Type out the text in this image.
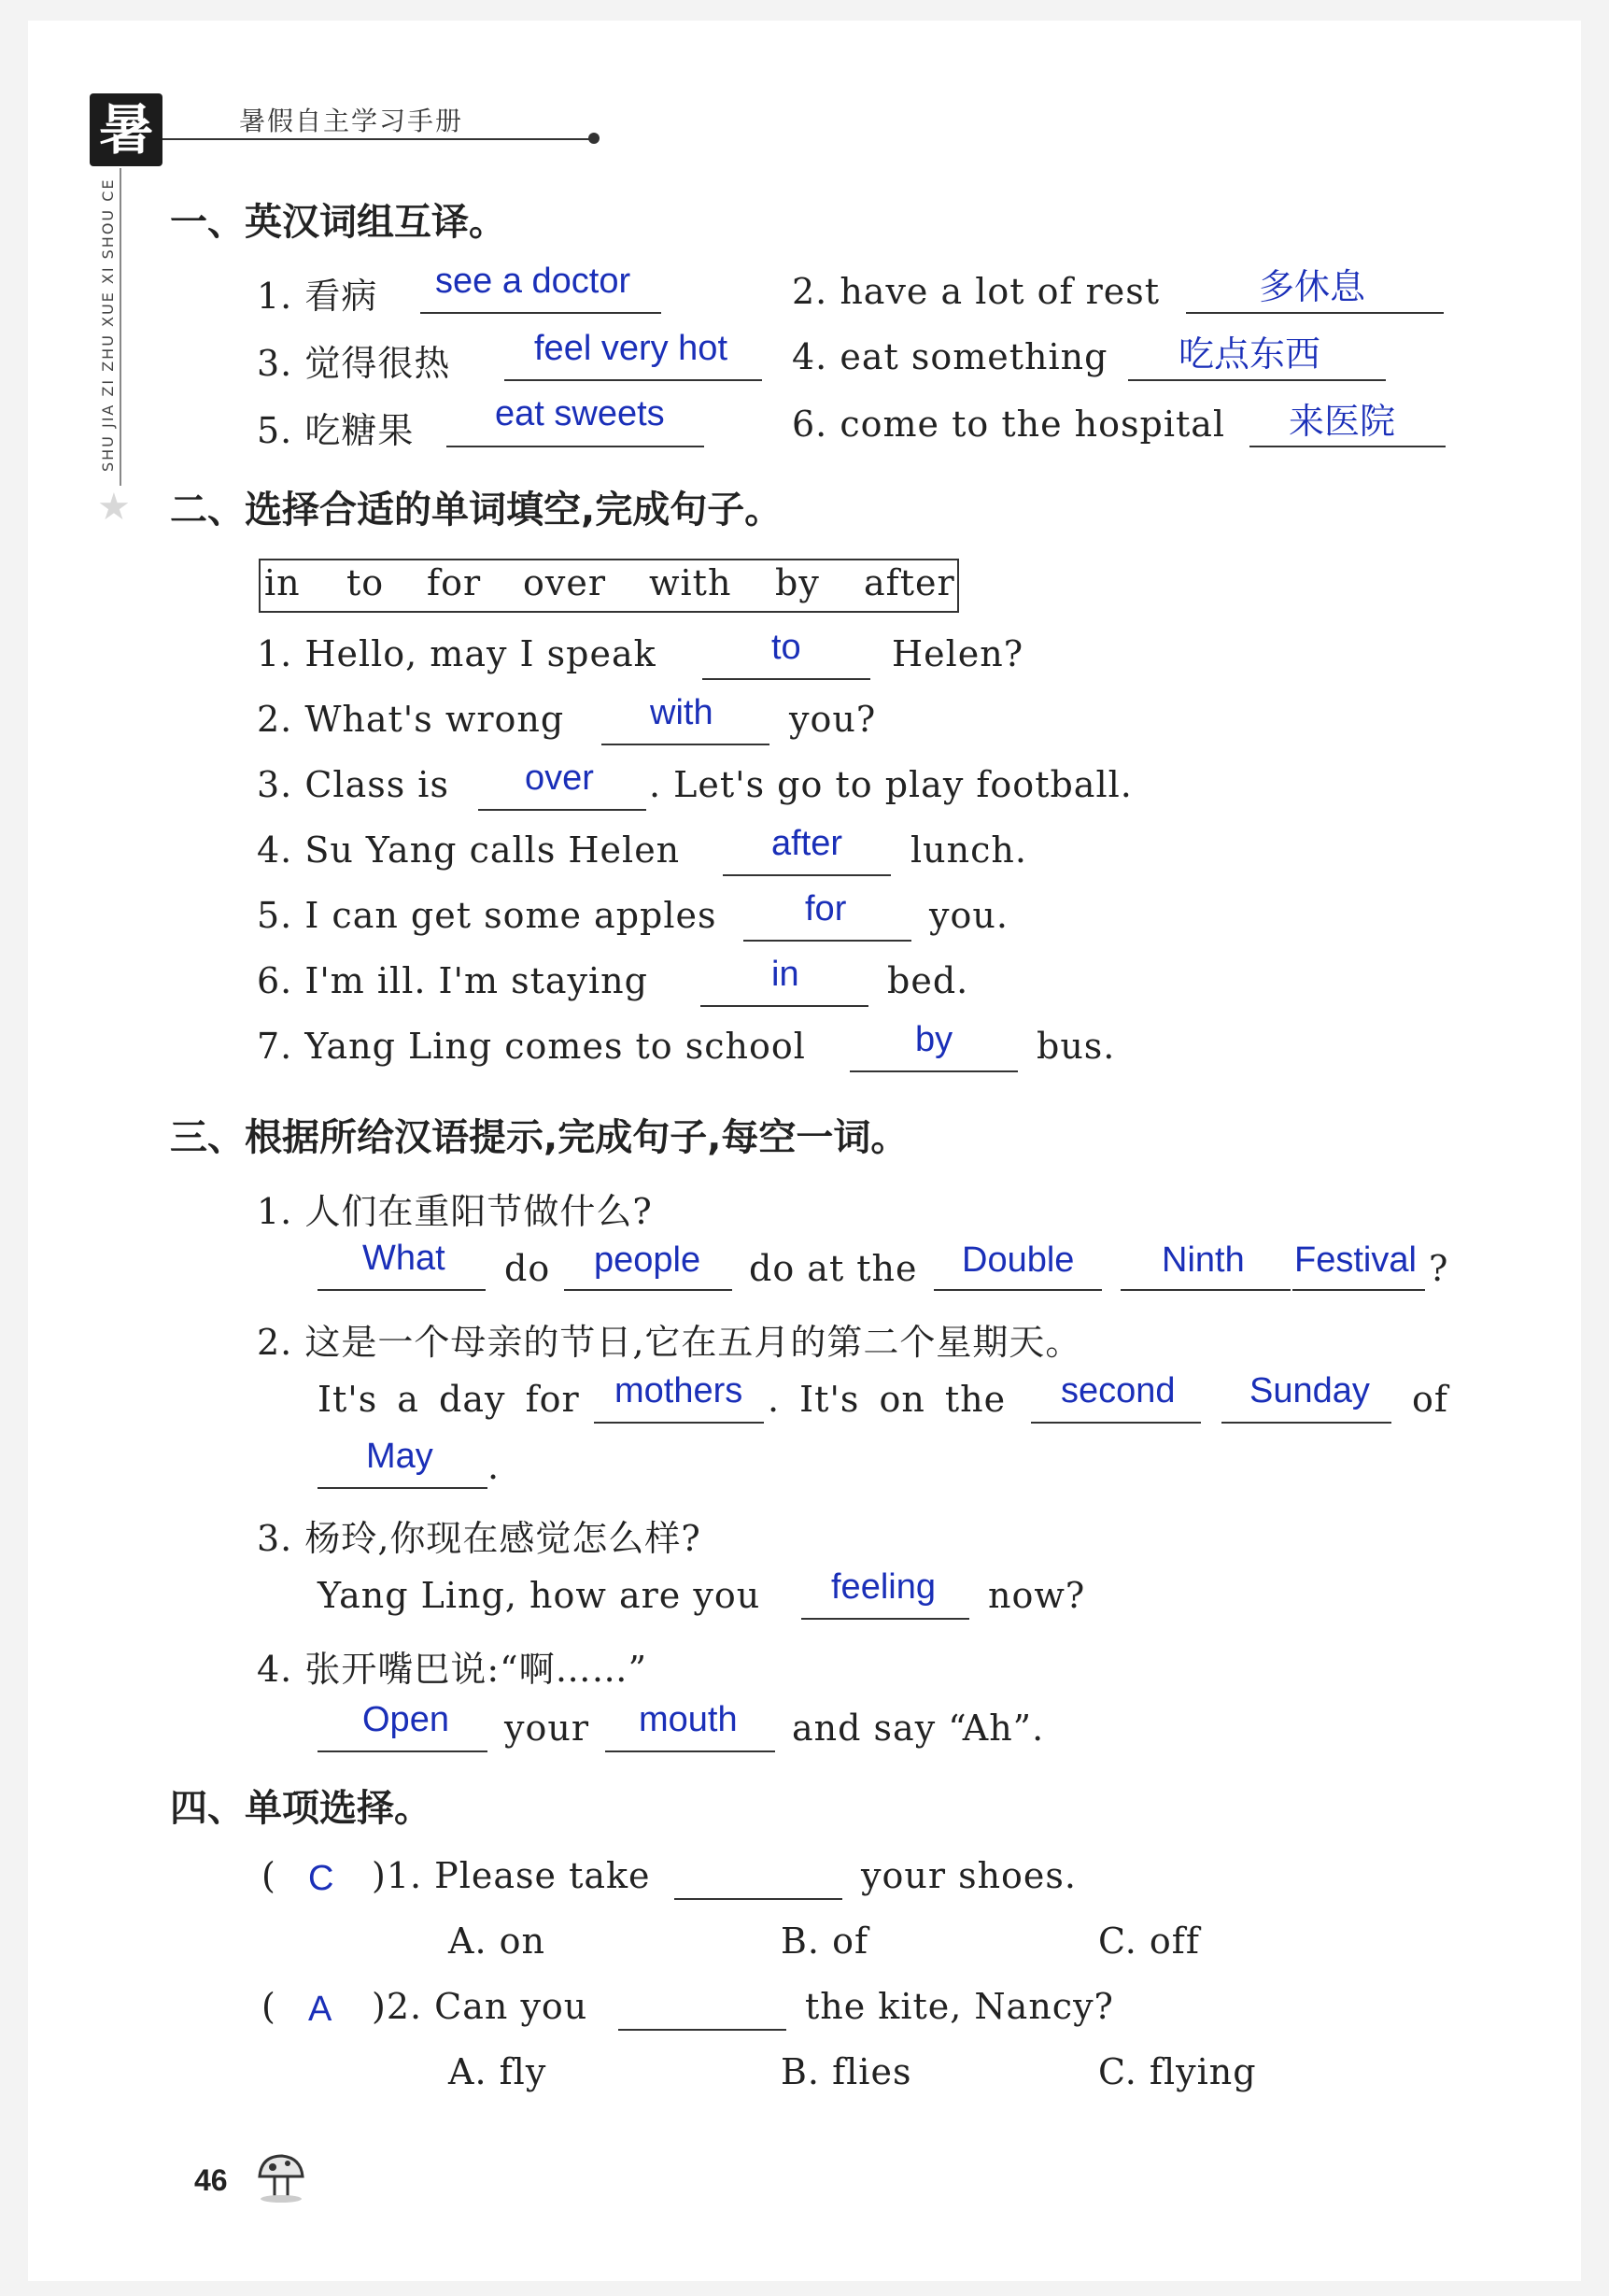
暑	暑假自主学习手册
SHU JIA ZI ZHU XUE XI SHOU CE
★
一、英汉词组互译。
1. 看病 see a doctor	2. have a lot of rest	多休息
3. 觉得很热 feel very hot 4. eat something 吃点东西
5. 吃糖果 eat sweets	6. come to the hospital 来医院
二、选择合适的单词填空,完成句子。
in to for over with by after
1. Hello, may I speak	to	Helen?
2. What's wrong with you?
3. Class is over . Let's go to play football.
4. Su Yang calls Helen	after lunch.
5. I can get some apples for you.
6. I'm ill. I'm staying	in bed.
7. Yang Ling comes to school	by bus.
三、根据所给汉语提示,完成句子,每空一词。
1. 人们在重阳节做什么?
What do people do at the Double Ninth Festival ?
2. 这是一个母亲的节日,它在五月的第二个星期天。
It's a day for mothers . It's on the second Sunday of
May .
3. 杨玲,你现在感觉怎么样?
Yang Ling, how are you feeling now?
4. 张开嘴巴说:“啊……”
Open your mouth and say “Ah”.
四、单项选择。
( C )1. Please take	your shoes.
A. on	B. of	C. off
( A )2. Can you	the kite, Nancy?
A. fly	B. flies	C. flying
46
